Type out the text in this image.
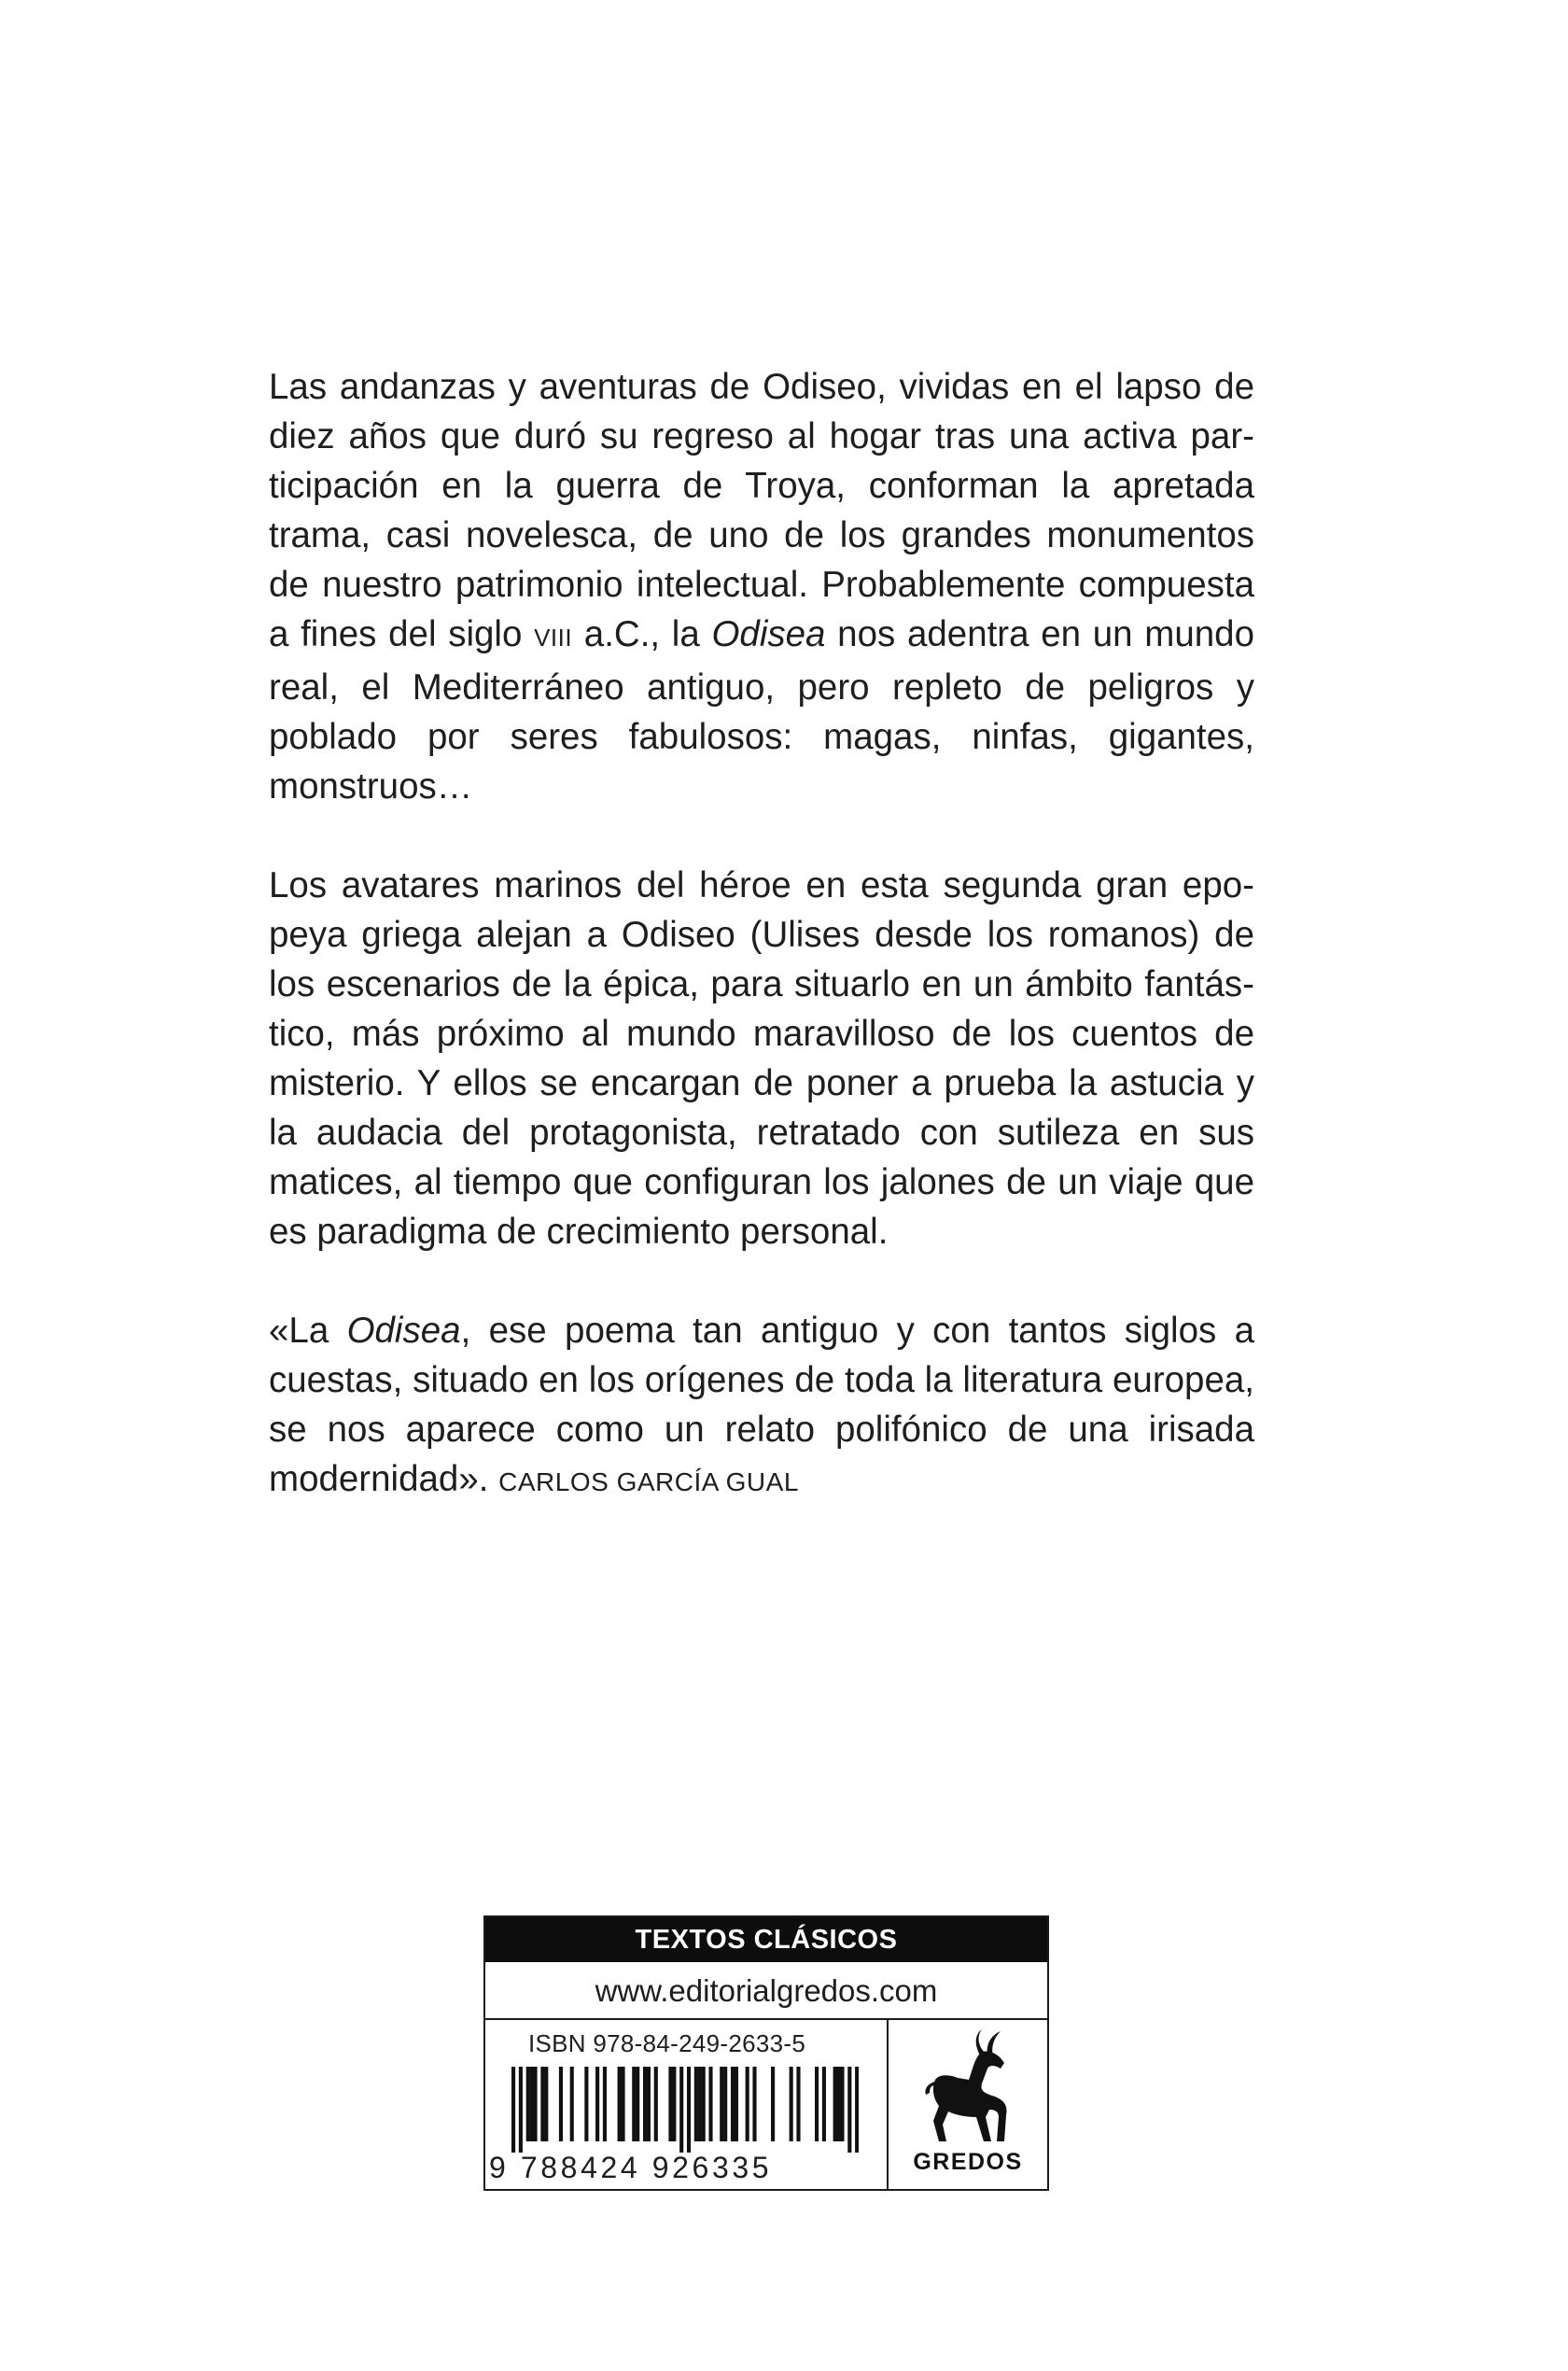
Las andanzas y aventuras de Odiseo, vividas en el lapso de diez años que duró su regreso al hogar tras una activa participación en la guerra de Troya, conforman la apretada trama, casi novelesca, de uno de los grandes monumentos de nuestro patrimonio intelectual. Probablemente compuesta a fines del siglo VIII a.C., la Odisea nos adentra en un mundo real, el Mediterráneo antiguo, pero repleto de peligros y poblado por seres fabulosos: magas, ninfas, gigantes, monstruos…

Los avatares marinos del héroe en esta segunda gran epopeya griega alejan a Odiseo (Ulises desde los romanos) de los escenarios de la épica, para situarlo en un ámbito fantástico, más próximo al mundo maravilloso de los cuentos de misterio. Y ellos se encargan de poner a prueba la astucia y la audacia del protagonista, retratado con sutileza en sus matices, al tiempo que configuran los jalones de un viaje que es paradigma de crecimiento personal.

«La Odisea, ese poema tan antiguo y con tantos siglos a cuestas, situado en los orígenes de toda la literatura europea, se nos aparece como un relato polifónico de una irisada modernidad». CARLOS GARCÍA GUAL

TEXTOS CLÁSICOS
www.editorialgredos.com
ISBN 978-84-249-2633-5
9 788424 926335	GREDOS
